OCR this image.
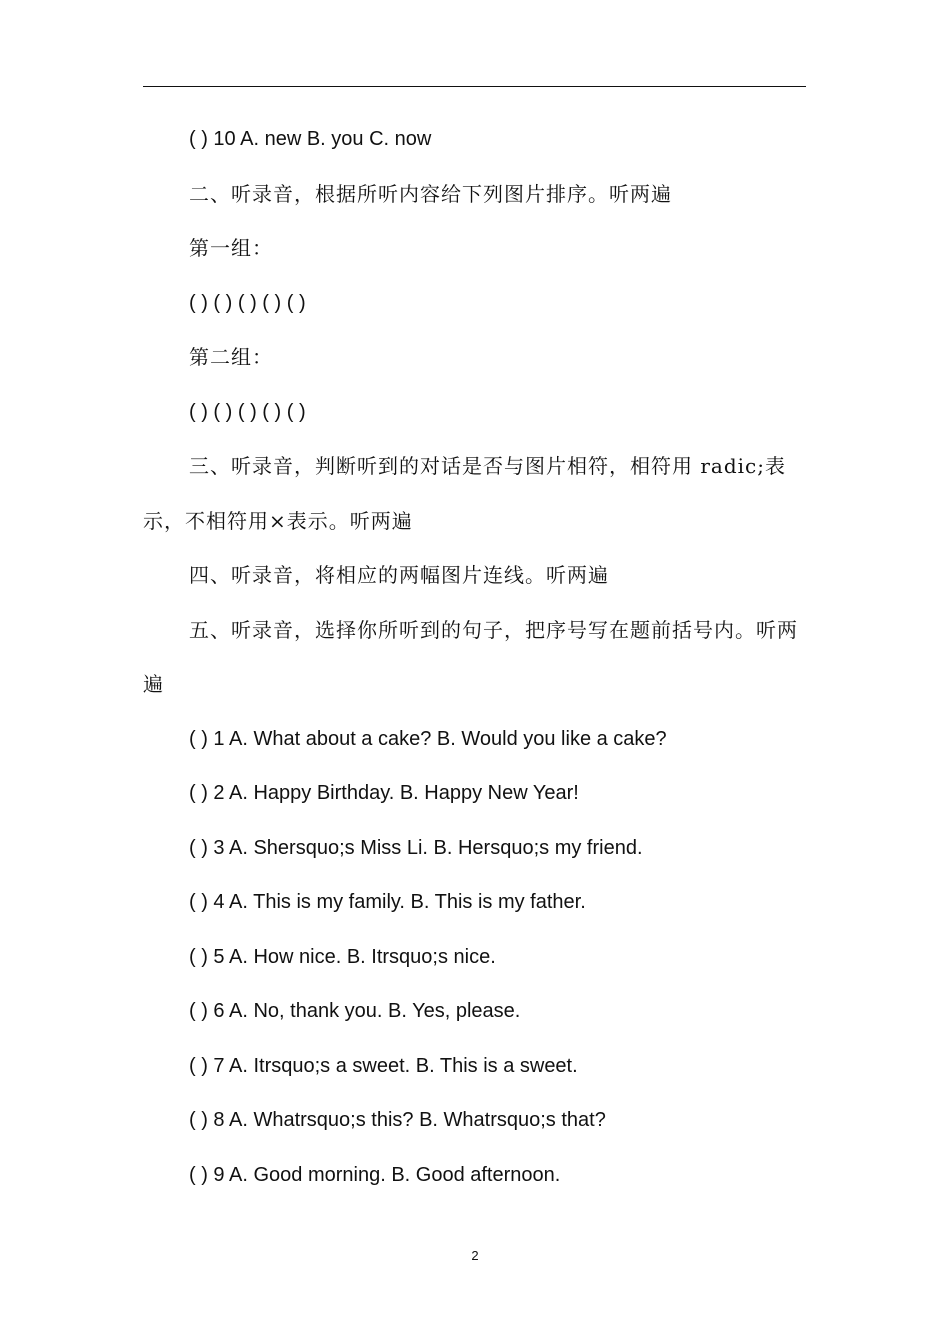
( ) 10 A. new B. you C. now

二、听录音，根据所听内容给下列图片排序。听两遍

第一组：

( ) ( ) ( ) ( ) ( )

第二组：

( ) ( ) ( ) ( ) ( )

三、听录音，判断听到的对话是否与图片相符，相符用 radic;表示，不相符用×表示。听两遍

四、听录音，将相应的两幅图片连线。听两遍

五、听录音，选择你所听到的句子，把序号写在题前括号内。听两遍

( ) 1 A. What about a cake? B. Would you like a cake?

( ) 2 A. Happy Birthday. B. Happy New Year!

( ) 3 A. Shersquo;s Miss Li. B. Hersquo;s my friend.

( ) 4 A. This is my family. B. This is my father.

( ) 5 A. How nice. B. Itrsquo;s nice.

( ) 6 A. No, thank you. B. Yes, please.

( ) 7 A. Itrsquo;s a sweet. B. This is a sweet.

( ) 8 A. Whatrsquo;s this? B. Whatrsquo;s that?

( ) 9 A. Good morning. B. Good afternoon.

2
